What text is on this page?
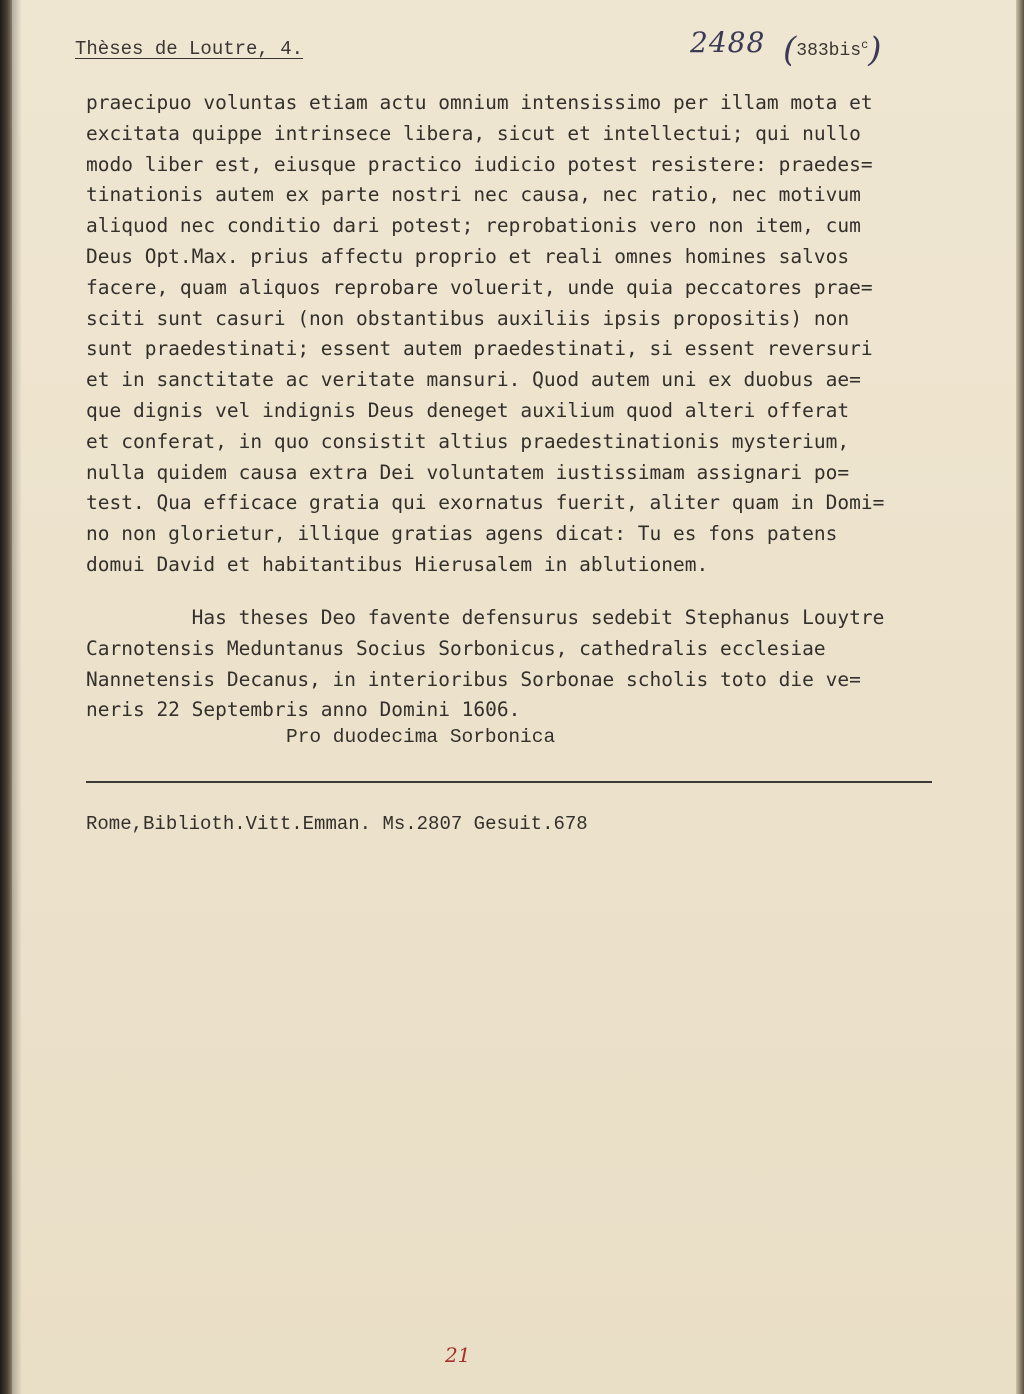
Thèses de Loutre, 4.	2488 (383bis$^c$)
praecipuo voluntas etiam actu omnium intensissimo per illam mota et
excitata quippe intrinsece libera, sicut et intellectui; qui nullo
modo liber est, eiusque practico iudicio potest resistere: praedes=
tinationis autem ex parte nostri nec causa, nec ratio, nec motivum
aliquod nec conditio dari potest; reprobationis vero non item, cum
Deus Opt.Max. prius affectu proprio et reali omnes homines salvos
facere, quam aliquos reprobare voluerit, unde quia peccatores prae=
sciti sunt casuri (non obstantibus auxiliis ipsis propositis) non
sunt praedestinati; essent autem praedestinati, si essent reversuri
et in sanctitate ac veritate mansuri. Quod autem uni ex duobus ae=
que dignis vel indignis Deus deneget auxilium quod alteri offerat
et conferat, in quo consistit altius praedestinationis mysterium,
nulla quidem causa extra Dei voluntatem iustissimam assignari po=
test. Qua efficace gratia qui exornatus fuerit, aliter quam in Domi=
no non glorietur, illique gratias agens dicat: Tu es fons patens
domui David et habitantibus Hierusalem in ablutionem.
Has theses Deo favente defensurus sedebit Stephanus Louytre
Carnotensis Meduntanus Socius Sorbonicus, cathedralis ecclesiae
Nannetensis Decanus, in interioribus Sorbonae scholis toto die ve=
neris 22 Septembris anno Domini 1606.
Pro duodecima Sorbonica
Rome,Biblioth.Vitt.Emman. Ms.2807 Gesuit.678
21
